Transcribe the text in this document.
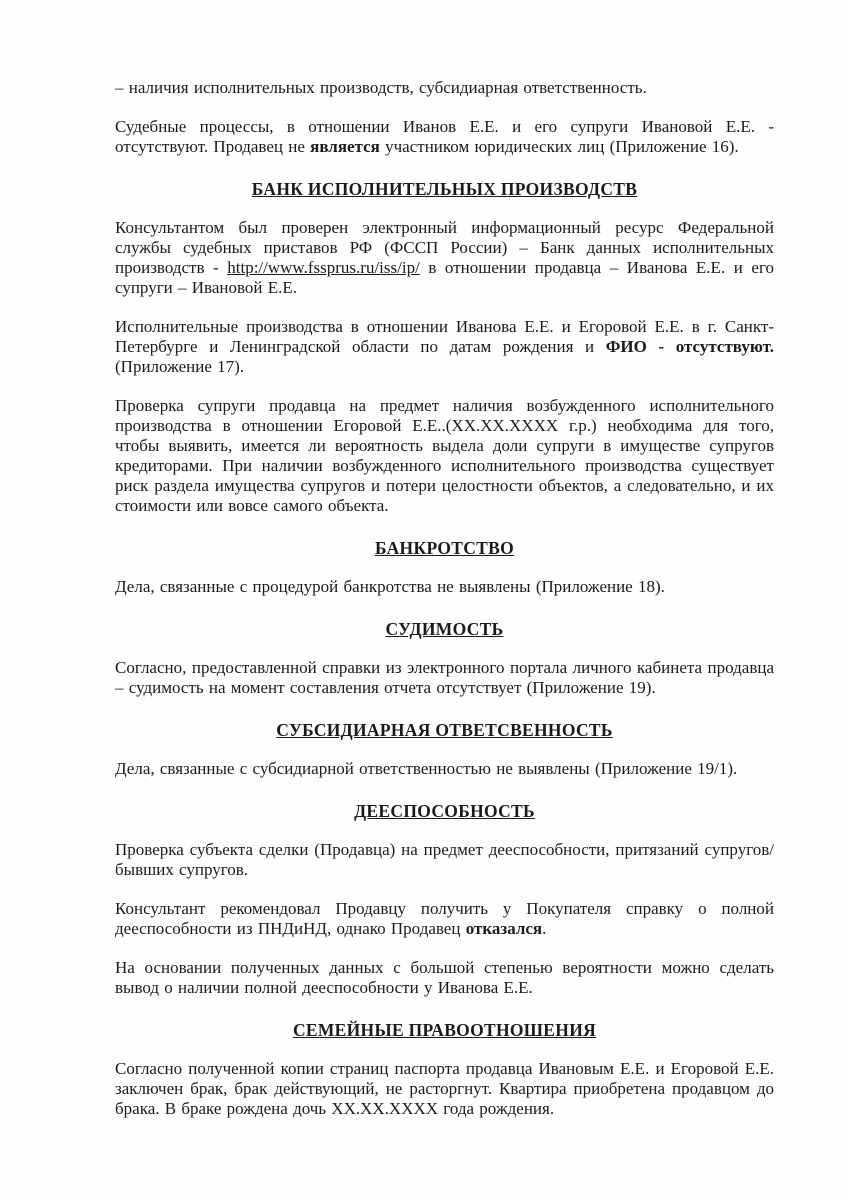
– наличия исполнительных производств, субсидиарная ответственность.

Судебные процессы, в отношении Иванов Е.Е. и его супруги Ивановой Е.Е. - отсутствуют. Продавец не является участником юридических лиц (Приложение 16).

БАНК ИСПОЛНИТЕЛЬНЫХ ПРОИЗВОДСТВ

Консультантом был проверен электронный информационный ресурс Федеральной службы судебных приставов РФ (ФССП России) – Банк данных исполнительных производств - http://www.fssprus.ru/iss/ip/ в отношении продавца – Иванова Е.Е. и его супруги – Ивановой Е.Е.

Исполнительные производства в отношении Иванова Е.Е. и Егоровой Е.Е. в г. Санкт-Петербурге и Ленинградской области по датам рождения и ФИО - отсутствуют. (Приложение 17).

Проверка супруги продавца на предмет наличия возбужденного исполнительного производства в отношении Егоровой Е.Е..(ХХ.ХХ.ХХХХ г.р.) необходима для того, чтобы выявить, имеется ли вероятность выдела доли супруги в имуществе супругов кредиторами. При наличии возбужденного исполнительного производства существует риск раздела имущества супругов и потери целостности объектов, а следовательно, и их стоимости или вовсе самого объекта.

БАНКРОТСТВО

Дела, связанные с процедурой банкротства не выявлены (Приложение 18).

СУДИМОСТЬ

Согласно, предоставленной справки из электронного портала личного кабинета продавца – судимость на момент составления отчета отсутствует (Приложение 19).

СУБСИДИАРНАЯ ОТВЕТСВЕННОСТЬ

Дела, связанные с субсидиарной ответственностью не выявлены (Приложение 19/1).

ДЕЕСПОСОБНОСТЬ

Проверка субъекта сделки (Продавца) на предмет дееспособности, притязаний супругов/бывших супругов.

Консультант рекомендовал Продавцу получить у Покупателя справку о полной дееспособности из ПНДиНД, однако Продавец отказался.

На основании полученных данных с большой степенью вероятности можно сделать вывод о наличии полной дееспособности у Иванова Е.Е.

СЕМЕЙНЫЕ ПРАВООТНОШЕНИЯ

Согласно полученной копии страниц паспорта продавца Ивановым Е.Е. и Егоровой Е.Е. заключен брак, брак действующий, не расторгнут. Квартира приобретена продавцом до брака. В браке рождена дочь ХХ.ХХ.ХХХХ года рождения.
